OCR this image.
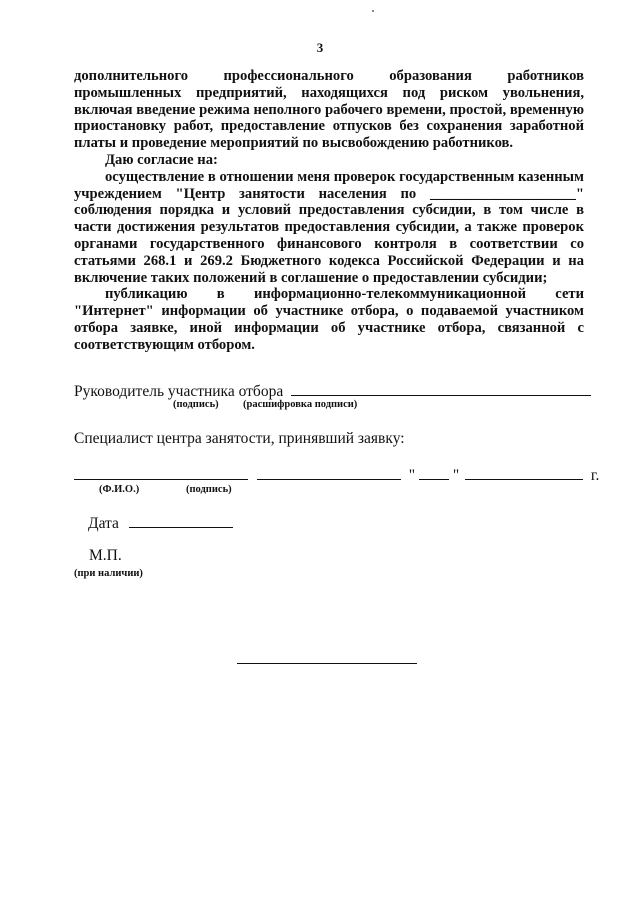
3

дополнительного профессионального образования работников промышленных предприятий, находящихся под риском увольнения, включая введение режима неполного рабочего времени, простой, временную приостановку работ, предоставление отпусков без сохранения заработной платы и проведение мероприятий по высвобождению работников.

Даю согласие на:

осуществление в отношении меня проверок государственным казенным учреждением "Центр занятости населения по ____________________" соблюдения порядка и условий предоставления субсидии, в том числе в части достижения результатов предоставления субсидии, а также проверок органами государственного финансового контроля в соответствии со статьями 268.1 и 269.2 Бюджетного кодекса Российской Федерации и на включение таких положений в соглашение о предоставлении субсидии;

публикацию в информационно-телекоммуникационной сети "Интернет" информации об участнике отбора, о подаваемой участником отбора заявке, иной информации об участнике отбора, связанной с соответствующим отбором.

Руководитель участника отбора
(подпись) (расшифровка подписи)
Специалист центра занятости, принявший заявку:
" "	г.
(Ф.И.О.)	(подпись)
Дата
М.П.
(при наличии)
